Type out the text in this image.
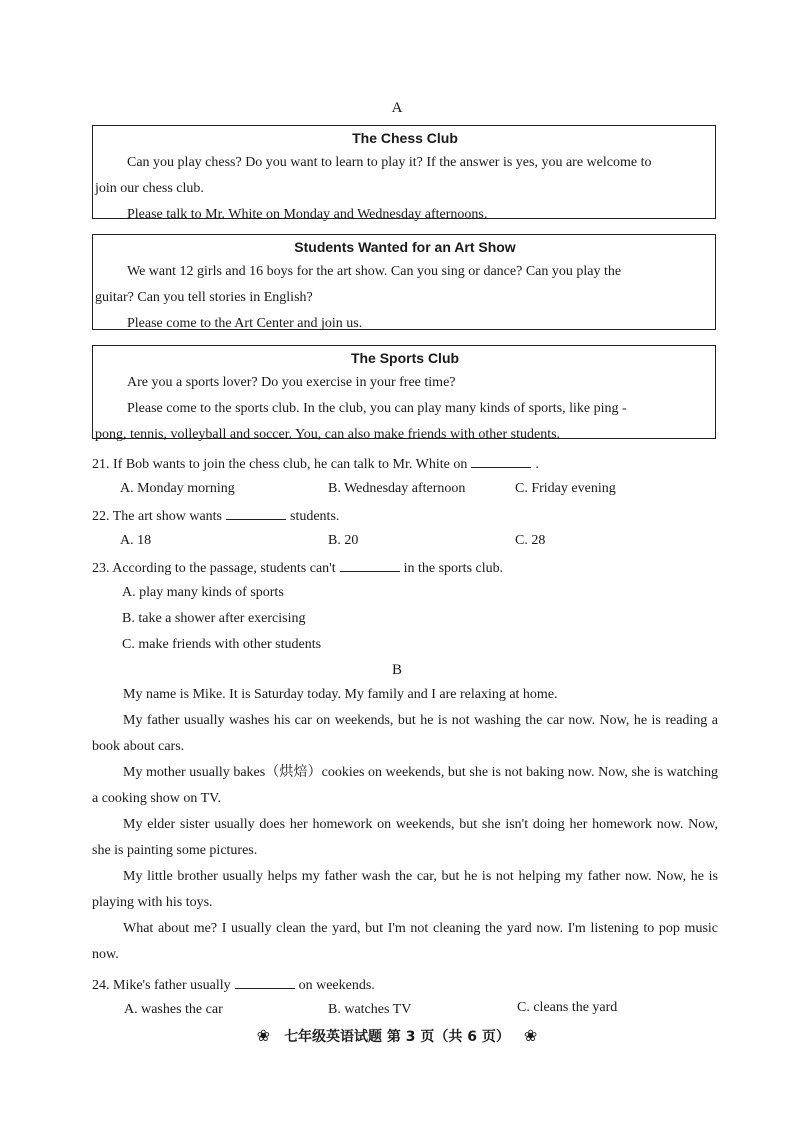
A
The Chess Club
Can you play chess? Do you want to learn to play it? If the answer is yes, you are welcome to
join our chess club.
Please talk to Mr. White on Monday and Wednesday afternoons.
Students Wanted for an Art Show
We want 12 girls and 16 boys for the art show. Can you sing or dance? Can you play the
guitar? Can you tell stories in English?
Please come to the Art Center and join us.
The Sports Club
Are you a sports lover? Do you exercise in your free time?
Please come to the sports club. In the club, you can play many kinds of sports, like ping -
pong, tennis, volleyball and soccer. You, can also make friends with other students.
21. If Bob wants to join the chess club, he can talk to Mr. White on	.
A. Monday morning	B. Wednesday afternoon	C. Friday evening
22. The art show wants	students.
A. 18	B. 20	C. 28
23. According to the passage, students can't	in the sports club.
A. play many kinds of sports
B. take a shower after exercising
C. make friends with other students
B

My name is Mike. It is Saturday today. My family and I are relaxing at home.

My father usually washes his car on weekends, but he is not washing the car now. Now, he is reading a book about cars.

My mother usually bakes（烘焙）cookies on weekends, but she is not baking now. Now, she is watching a cooking show on TV.

My elder sister usually does her homework on weekends, but she isn't doing her homework now. Now, she is painting some pictures.

My little brother usually helps my father wash the car, but he is not helping my father now. Now, he is playing with his toys.

What about me? I usually clean the yard, but I'm not cleaning the yard now. I'm listening to pop music now.

24. Mike's father usually	on weekends.
A. washes the car	B. watches TV	C. cleans the yard
❀ 七年级英语试题 第 3 页（共 6 页） ❀
